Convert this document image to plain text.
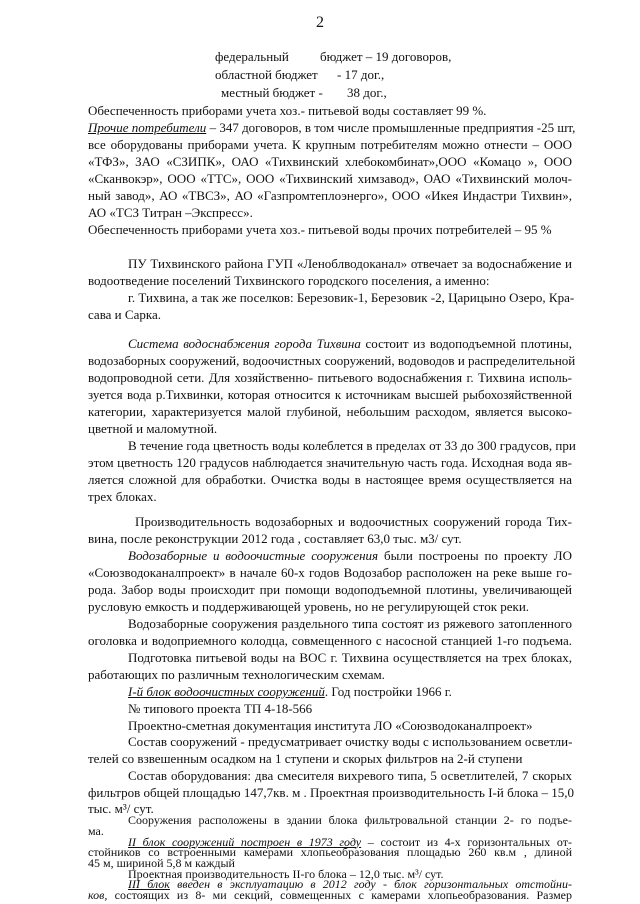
2
федеральный бюджет – 19 договоров,
областной бюджет - 17 дог.,
местный бюджет - 38 дог.,
Обеспеченность приборами учета хоз.- питьевой воды составляет 99 %.
Прочие потребители – 347 договоров, в том числе промышленные предприятия -25 шт,
все оборудованы приборами учета. К крупным потребителям можно отнести – ООО
«ТФЗ», ЗАО «СЗИПК», ОАО «Тихвинский хлебокомбинат»,ООО «Комацо », ООО
«Сканвокэр», ООО «ТТС», ООО «Тихвинский химзавод», ОАО «Тихвинский молоч-
ный завод», АО «ТВСЗ», АО «Газпромтеплоэнерго», ООО «Икея Индастри Тихвин»,
АО «ТСЗ Титран –Экспресс».
Обеспеченность приборами учета хоз.- питьевой воды прочих потребителей – 95 %
ПУ Тихвинского района ГУП «Леноблводоканал» отвечает за водоснабжение и
водоотведение поселений Тихвинского городского поселения, а именно:
г. Тихвина, а так же поселков: Березовик-1, Березовик -2, Царицыно Озеро, Кра-
сава и Сарка.
Система водоснабжения города Тихвина состоит из водоподъемной плотины,
водозаборных сооружений, водоочистных сооружений, водоводов и распределительной
водопроводной сети. Для хозяйственно- питьевого водоснабжения г. Тихвина исполь-
зуется вода р.Тихвинки, которая относится к источникам высшей рыбохозяйственной
категории, характеризуется малой глубиной, небольшим расходом, является высоко-
цветной и маломутной.
В течение года цветность воды колеблется в пределах от 33 до 300 градусов, при
этом цветность 120 градусов наблюдается значительную часть года. Исходная вода яв-
ляется сложной для обработки. Очистка воды в настоящее время осуществляется на
трех блоках.
Производительность водозаборных и водоочистных сооружений города Тих-
вина, после реконструкции 2012 года , составляет 63,0 тыс. м3/ сут.
Водозаборные и водоочистные сооружения были построены по проекту ЛО
«Союзводоканалпроект» в начале 60-х годов Водозабор расположен на реке выше го-
рода. Забор воды происходит при помощи водоподъемной плотины, увеличивающей
русловую емкость и поддерживающей уровень, но не регулирующей сток реки.
Водозаборные сооружения раздельного типа состоят из ряжевого затопленного
оголовка и водоприемного колодца, совмещенного с насосной станцией 1-го подъема.
Подготовка питьевой воды на ВОС г. Тихвина осуществляется на трех блоках,
работающих по различным технологическим схемам.
I-й блок водоочистных сооружений. Год постройки 1966 г.
№ типового проекта ТП 4-18-566
Проектно-сметная документация института ЛО «Союзводоканалпроект»
Состав сооружений - предусматривает очистку воды с использованием осветли-
телей со взвешенным осадком на 1 ступени и скорых фильтров на 2-й ступени
Состав оборудования: два смесителя вихревого типа, 5 осветлителей, 7 скорых
фильтров общей площадью 147,7кв. м . Проектная производительность I-й блока – 15,0
тыс. м³/ сут.
Сооружения расположены в здании блока фильтровальной станции 2- го подъе-
ма.
II блок сооружений построен в 1973 году – состоит из 4-х горизонтальных от-
стойников со встроенными камерами хлопьеобразования площадью 260 кв.м , длиной
45 м, шириной 5,8 м каждый
Проектная производительность II-го блока – 12,0 тыс. м³/ сут.
III блок введен в эксплуатацию в 2012 году - блок горизонтальных отстойни-
ков, состоящих из 8- ми секций, совмещенных с камерами хлопьеобразования. Размер
